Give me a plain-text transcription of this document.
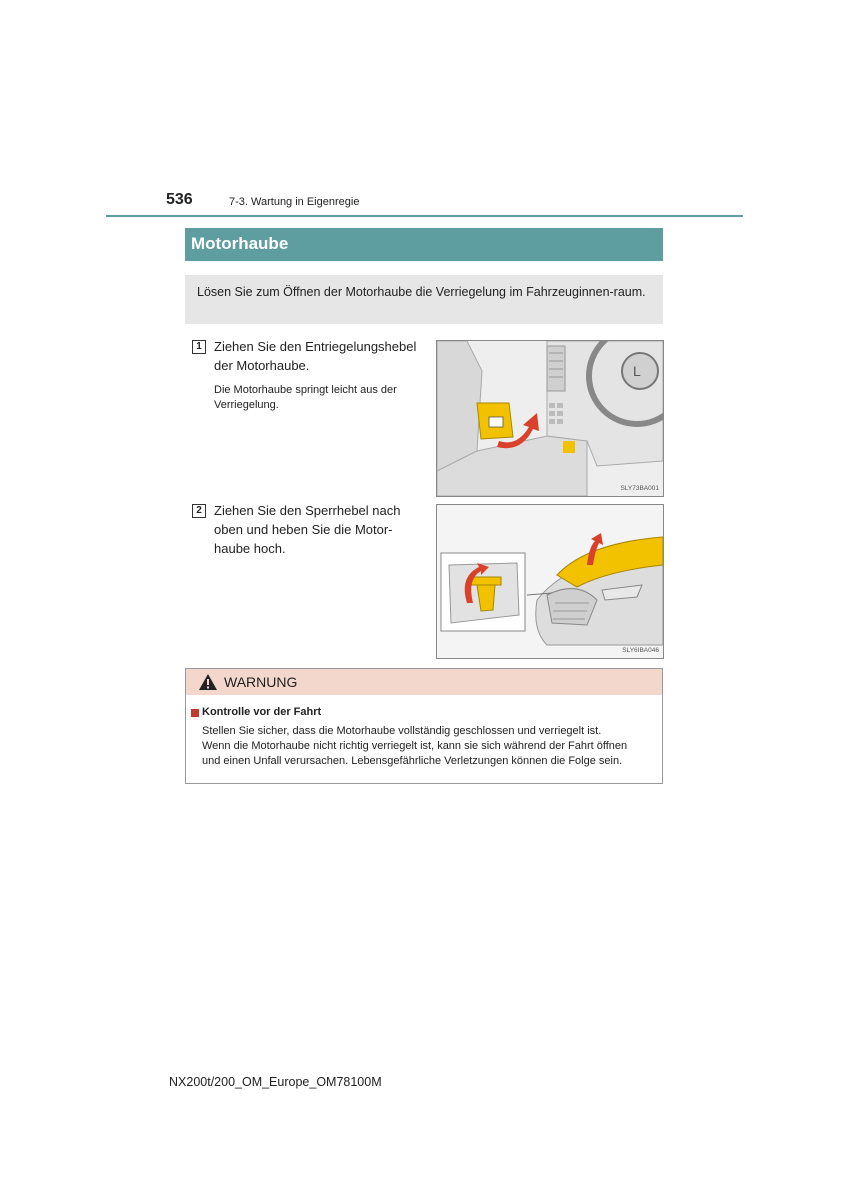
536	7-3. Wartung in Eigenregie
Motorhaube
Lösen Sie zum Öffnen der Motorhaube die Verriegelung im Fahrzeuginnen-raum.
1 Ziehen Sie den Entriegelungshebel
der Motorhaube.
Die Motorhaube springt leicht aus der
Verriegelung.
L
SLY73BA001
2 Ziehen Sie den Sperrhebel nach
oben und heben Sie die Motor-
haube hoch.
SLY6IBA046
WARNUNG
Kontrolle vor der Fahrt
Stellen Sie sicher, dass die Motorhaube vollständig geschlossen und verriegelt ist.
Wenn die Motorhaube nicht richtig verriegelt ist, kann sie sich während der Fahrt öffnen
und einen Unfall verursachen. Lebensgefährliche Verletzungen können die Folge sein.
NX200t/200_OM_Europe_OM78100M
